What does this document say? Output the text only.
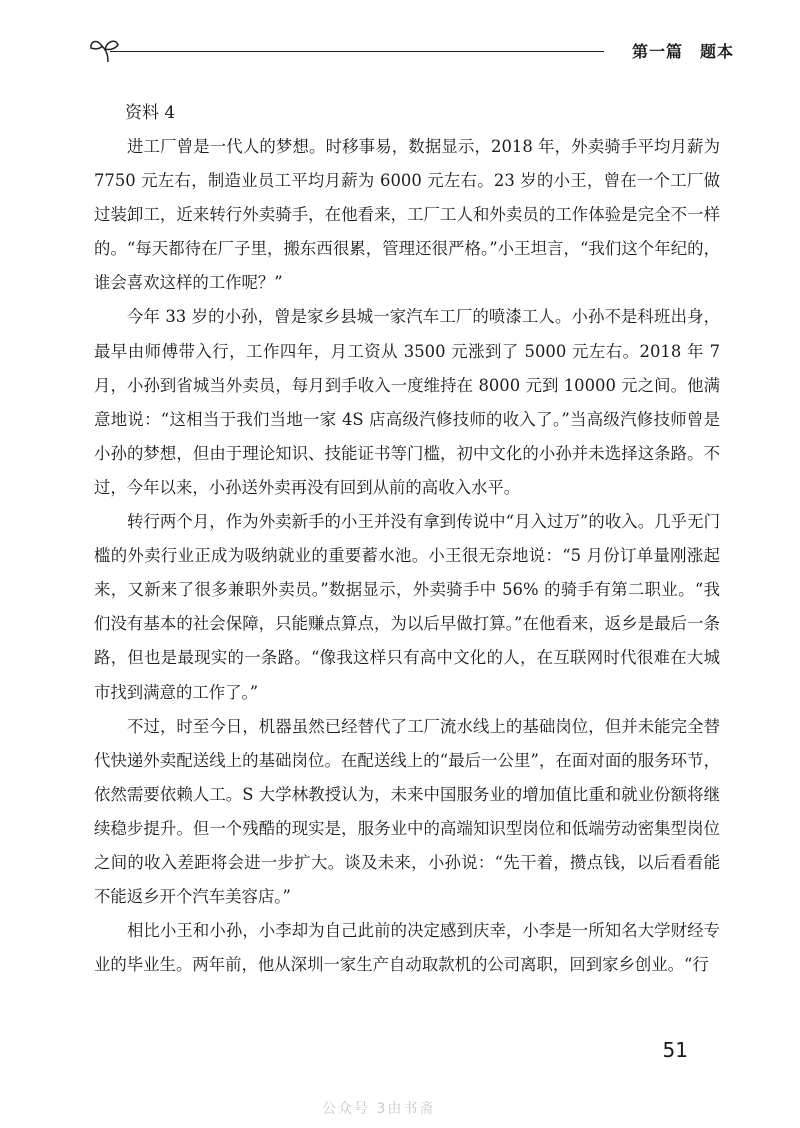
第一篇　题本
资料 4

进工厂曾是一代人的梦想。时移事易，数据显示，2018 年，外卖骑手平均月薪为 7750 元左右，制造业员工平均月薪为 6000 元左右。23 岁的小王，曾在一个工厂做过装卸工，近来转行外卖骑手，在他看来，工厂工人和外卖员的工作体验是完全不一样的。“每天都待在厂子里，搬东西很累，管理还很严格。”小王坦言，“我们这个年纪的，谁会喜欢这样的工作呢？”

今年 33 岁的小孙，曾是家乡县城一家汽车工厂的喷漆工人。小孙不是科班出身，最早由师傅带入行，工作四年，月工资从 3500 元涨到了 5000 元左右。2018 年 7 月，小孙到省城当外卖员，每月到手收入一度维持在 8000 元到 10000 元之间。他满意地说：“这相当于我们当地一家 4S 店高级汽修技师的收入了。”当高级汽修技师曾是小孙的梦想，但由于理论知识、技能证书等门槛，初中文化的小孙并未选择这条路。不过，今年以来，小孙送外卖再没有回到从前的高收入水平。

转行两个月，作为外卖新手的小王并没有拿到传说中“月入过万”的收入。几乎无门槛的外卖行业正成为吸纳就业的重要蓄水池。小王很无奈地说：“5 月份订单量刚涨起来，又新来了很多兼职外卖员。”数据显示，外卖骑手中 56% 的骑手有第二职业。“我们没有基本的社会保障，只能赚点算点，为以后早做打算。”在他看来，返乡是最后一条路，但也是最现实的一条路。“像我这样只有高中文化的人，在互联网时代很难在大城市找到满意的工作了。”

不过，时至今日，机器虽然已经替代了工厂流水线上的基础岗位，但并未能完全替代快递外卖配送线上的基础岗位。在配送线上的“最后一公里”，在面对面的服务环节，依然需要依赖人工。S 大学林教授认为，未来中国服务业的增加值比重和就业份额将继续稳步提升。但一个残酷的现实是，服务业中的高端知识型岗位和低端劳动密集型岗位之间的收入差距将会进一步扩大。谈及未来，小孙说：“先干着，攒点钱，以后看看能不能返乡开个汽车美容店。”

相比小王和小孙，小李却为自己此前的决定感到庆幸，小李是一所知名大学财经专业的毕业生。两年前，他从深圳一家生产自动取款机的公司离职，回到家乡创业。“行

51
公众号 3由书斋
